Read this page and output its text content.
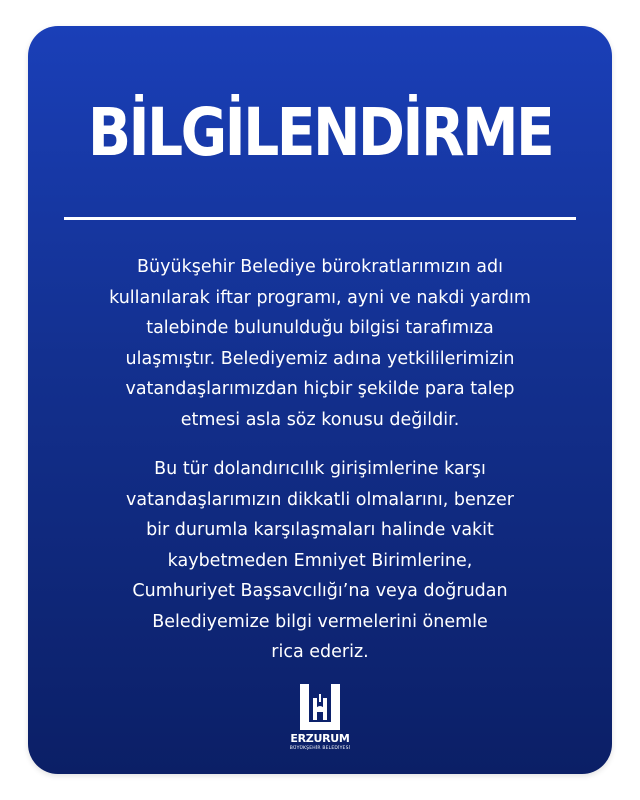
BİLGİLENDİRME
Büyükşehir Belediye bürokratlarımızın adı
kullanılarak iftar programı, ayni ve nakdi yardım
talebinde bulunulduğu bilgisi tarafımıza
ulaşmıştır. Belediyemiz adına yetkililerimizin
vatandaşlarımızdan hiçbir şekilde para talep
etmesi asla söz konusu değildir.
Bu tür dolandırıcılık girişimlerine karşı
vatandaşlarımızın dikkatli olmalarını, benzer
bir durumla karşılaşmaları halinde vakit
kaybetmeden Emniyet Birimlerine,
Cumhuriyet Başsavcılığı’na veya doğrudan
Belediyemize bilgi vermelerini önemle
rica ederiz.
ERZURUM
BÜYÜKŞEHİR BELEDİYESİ
